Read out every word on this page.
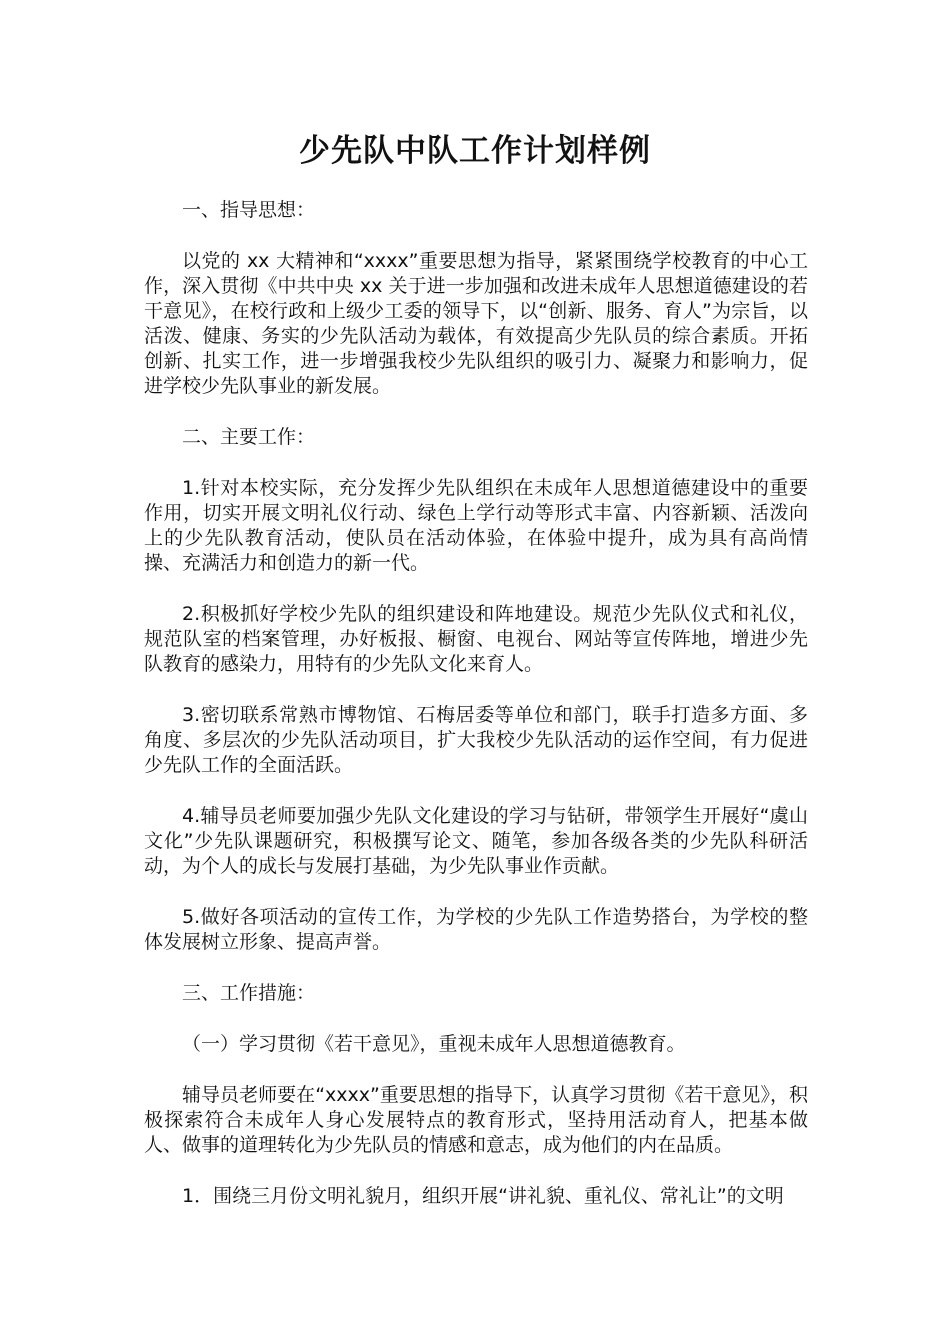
少先队中队工作计划样例

一、指导思想：

以党的 xx 大精神和“xxxx”重要思想为指导，紧紧围绕学校教育的中心工作，深入贯彻《中共中央 xx 关于进一步加强和改进未成年人思想道德建设的若干意见》，在校行政和上级少工委的领导下，以“创新、服务、育人”为宗旨，以活泼、健康、务实的少先队活动为载体，有效提高少先队员的综合素质。开拓创新、扎实工作，进一步增强我校少先队组织的吸引力、凝聚力和影响力，促进学校少先队事业的新发展。

二、主要工作：

1.针对本校实际，充分发挥少先队组织在未成年人思想道德建设中的重要作用，切实开展文明礼仪行动、绿色上学行动等形式丰富、内容新颖、活泼向上的少先队教育活动，使队员在活动体验，在体验中提升，成为具有高尚情操、充满活力和创造力的新一代。

2.积极抓好学校少先队的组织建设和阵地建设。规范少先队仪式和礼仪，规范队室的档案管理，办好板报、橱窗、电视台、网站等宣传阵地，增进少先队教育的感染力，用特有的少先队文化来育人。

3.密切联系常熟市博物馆、石梅居委等单位和部门，联手打造多方面、多角度、多层次的少先队活动项目，扩大我校少先队活动的运作空间，有力促进少先队工作的全面活跃。

4.辅导员老师要加强少先队文化建设的学习与钻研，带领学生开展好“虞山文化”少先队课题研究，积极撰写论文、随笔，参加各级各类的少先队科研活动，为个人的成长与发展打基础，为少先队事业作贡献。

5.做好各项活动的宣传工作，为学校的少先队工作造势搭台，为学校的整体发展树立形象、提高声誉。

三、工作措施：

（一）学习贯彻《若干意见》，重视未成年人思想道德教育。

辅导员老师要在“xxxx”重要思想的指导下，认真学习贯彻《若干意见》，积极探索符合未成年人身心发展特点的教育形式，坚持用活动育人，把基本做人、做事的道理转化为少先队员的情感和意志，成为他们的内在品质。

1．围绕三月份文明礼貌月，组织开展“讲礼貌、重礼仪、常礼让”的文明
